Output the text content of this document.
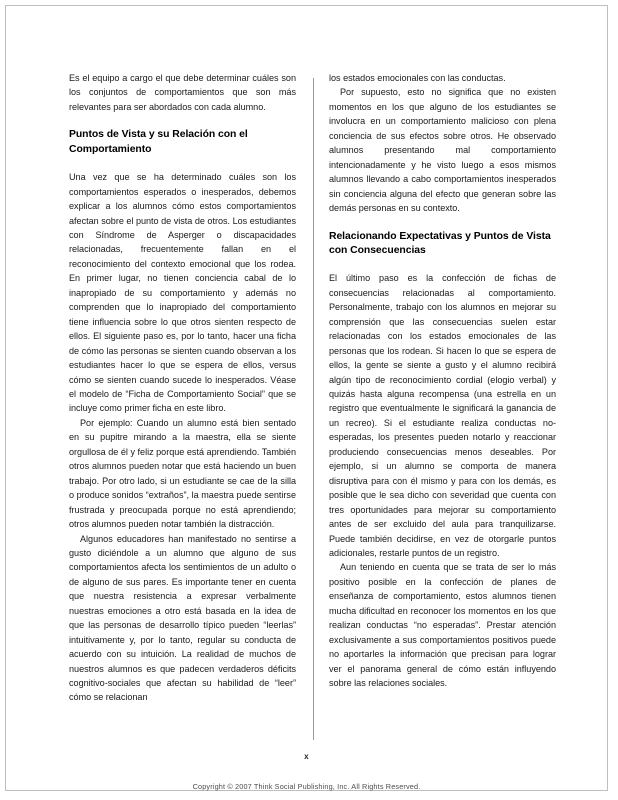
Es el equipo a cargo el que debe determinar cuáles son los conjuntos de comportamientos que son más relevantes para ser abordados con cada alumno.

Puntos de Vista y su Relación con el Comportamiento

Una vez que se ha determinado cuáles son los comportamientos esperados o inesperados, debemos explicar a los alumnos cómo estos comportamientos afectan sobre el punto de vista de otros. Los estudiantes con Síndrome de Asperger o discapacidades relacionadas, frecuentemente fallan en el reconocimiento del contexto emocional que los rodea. En primer lugar, no tienen conciencia cabal de lo inapropiado de su comportamiento y además no comprenden que lo inapropiado del comportamiento tiene influencia sobre lo que otros sienten respecto de ellos. El siguiente paso es, por lo tanto, hacer una ficha de cómo las personas se sienten cuando observan a los estudiantes hacer lo que se espera de ellos, versus cómo se sienten cuando sucede lo inesperados. Véase el modelo de “Ficha de Comportamiento Social” que se incluye como primer ficha en este libro.

Por ejemplo: Cuando un alumno está bien sentado en su pupitre mirando a la maestra, ella se siente orgullosa de él y feliz porque está aprendiendo. También otros alumnos pueden notar que está haciendo un buen trabajo. Por otro lado, si un estudiante se cae de la silla o produce sonidos “extraños”, la maestra puede sentirse frustrada y preocupada porque no está aprendiendo; otros alumnos pueden notar también la distracción.

Algunos educadores han manifestado no sentirse a gusto diciéndole a un alumno que alguno de sus comportamientos afecta los sentimientos de un adulto o de alguno de sus pares. Es importante tener en cuenta que nuestra resistencia a expresar verbalmente nuestras emociones a otro está basada en la idea de que las personas de desarrollo típico pueden “leerlas” intuitivamente y, por lo tanto, regular su conducta de acuerdo con su intuición. La realidad de muchos de nuestros alumnos es que padecen verdaderos déficits cognitivo-sociales que afectan su habilidad de “leer” cómo se relacionan

los estados emocionales con las conductas.

Por supuesto, esto no significa que no existen momentos en los que alguno de los estudiantes se involucra en un comportamiento malicioso con plena conciencia de sus efectos sobre otros. He observado alumnos presentando mal comportamiento intencionadamente y he visto luego a esos mismos alumnos llevando a cabo comportamientos inesperados sin conciencia alguna del efecto que generan sobre las demás personas en su contexto.

Relacionando Expectativas y Puntos de Vista con Consecuencias

El último paso es la confección de fichas de consecuencias relacionadas al comportamiento. Personalmente, trabajo con los alumnos en mejorar su comprensión que las consecuencias suelen estar relacionadas con los estados emocionales de las personas que los rodean. Si hacen lo que se espera de ellos, la gente se siente a gusto y el alumno recibirá algún tipo de reconocimiento cordial (elogio verbal) y quizás hasta alguna recompensa (una estrella en un registro que eventualmente le significará la ganancia de un recreo). Si el estudiante realiza conductas no-esperadas, los presentes pueden notarlo y reaccionar produciendo consecuencias menos deseables. Por ejemplo, si un alumno se comporta de manera disruptiva para con él mismo y para con los demás, es posible que le sea dicho con severidad que cuenta con tres oportunidades para mejorar su comportamiento antes de ser excluido del aula para tranquilizarse. Puede también decidirse, en vez de otorgarle puntos adicionales, restarle puntos de un registro.

Aun teniendo en cuenta que se trata de ser lo más positivo posible en la confección de planes de enseñanza de comportamiento, estos alumnos tienen mucha dificultad en reconocer los momentos en los que realizan conductas “no esperadas”. Prestar atención exclusivamente a sus comportamientos positivos puede no aportarles la información que precisan para lograr ver el panorama general de cómo están influyendo sobre las relaciones sociales.

x
Copyright © 2007 Think Social Publishing, Inc. All Rights Reserved.
